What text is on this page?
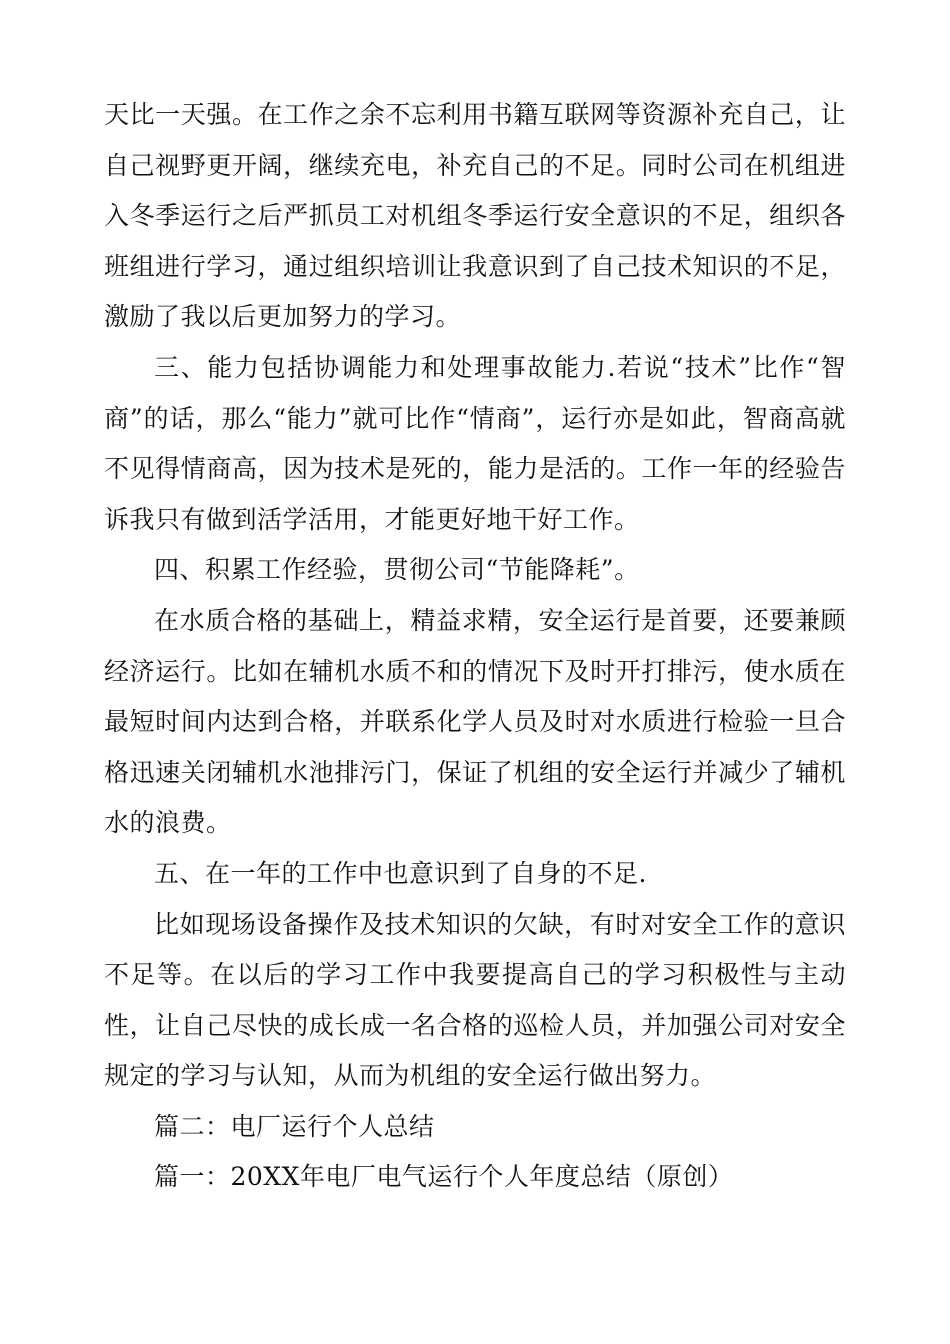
天比一天强。在工作之余不忘利用书籍互联网等资源补充自己，让自己视野更开阔，继续充电，补充自己的不足。同时公司在机组进入冬季运行之后严抓员工对机组冬季运行安全意识的不足，组织各班组进行学习，通过组织培训让我意识到了自己技术知识的不足，激励了我以后更加努力的学习。

三、能力包括协调能力和处理事故能力.若说“技术”比作“智商”的话，那么“能力”就可比作“情商”，运行亦是如此，智商高就不见得情商高，因为技术是死的，能力是活的。工作一年的经验告诉我只有做到活学活用，才能更好地干好工作。

四、积累工作经验，贯彻公司“节能降耗”。

在水质合格的基础上，精益求精，安全运行是首要，还要兼顾经济运行。比如在辅机水质不和的情况下及时开打排污，使水质在最短时间内达到合格，并联系化学人员及时对水质进行检验一旦合格迅速关闭辅机水池排污门，保证了机组的安全运行并减少了辅机水的浪费。

五、在一年的工作中也意识到了自身的不足.

比如现场设备操作及技术知识的欠缺，有时对安全工作的意识不足等。在以后的学习工作中我要提高自己的学习积极性与主动性，让自己尽快的成长成一名合格的巡检人员，并加强公司对安全规定的学习与认知，从而为机组的安全运行做出努力。

篇二：电厂运行个人总结

篇一：20XX年电厂电气运行个人年度总结（原创）
